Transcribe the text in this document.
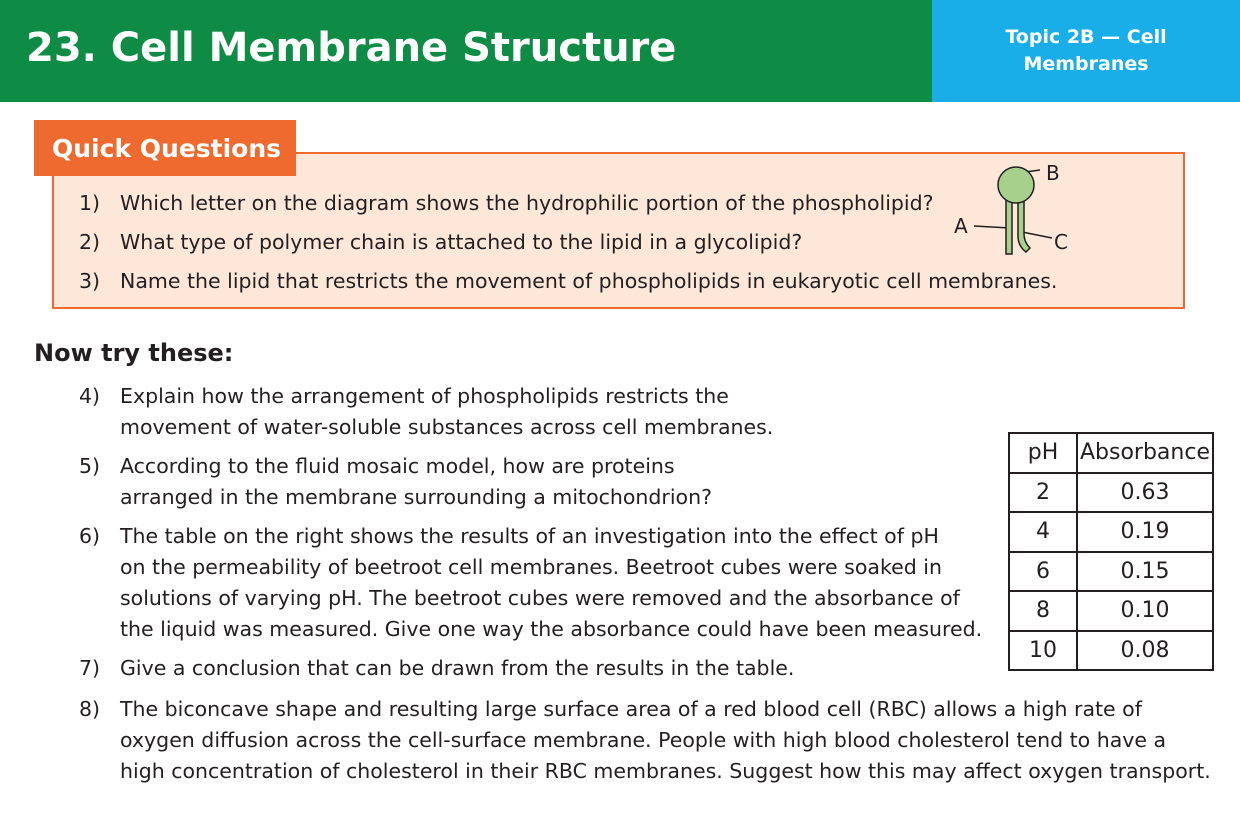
23. Cell Membrane Structure	Topic 2B — Cell Membranes
Quick Questions
1) Which letter on the diagram shows the hydrophilic portion of the phospholipid?
2) What type of polymer chain is attached to the lipid in a glycolipid?
3) Name the lipid that restricts the movement of phospholipids in eukaryotic cell membranes.
B
A
C
Now try these:
4) Explain how the arrangement of phospholipids restricts the
movement of water-soluble substances across cell membranes.
5) According to the fluid mosaic model, how are proteins
arranged in the membrane surrounding a mitochondrion?
6) The table on the right shows the results of an investigation into the effect of pH
on the permeability of beetroot cell membranes. Beetroot cubes were soaked in
solutions of varying pH. The beetroot cubes were removed and the absorbance of
the liquid was measured. Give one way the absorbance could have been measured.
7) Give a conclusion that can be drawn from the results in the table.
8) The biconcave shape and resulting large surface area of a red blood cell (RBC) allows a high rate of
oxygen diffusion across the cell-surface membrane. People with high blood cholesterol tend to have a
high concentration of cholesterol in their RBC membranes. Suggest how this may affect oxygen transport.
pH	Absorbance
2	0.63
4	0.19
6	0.15
8	0.10
10	0.08
